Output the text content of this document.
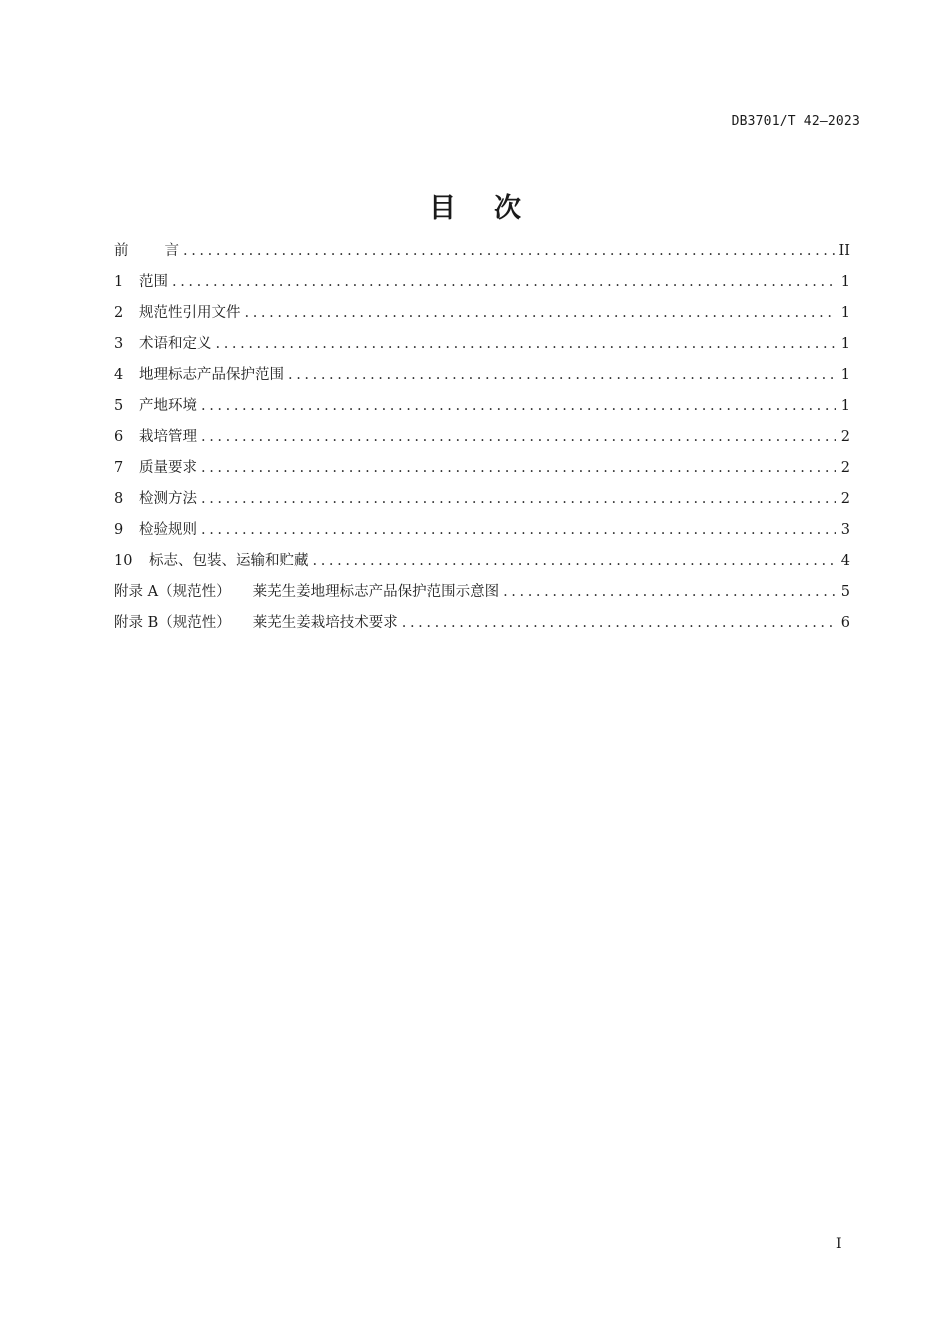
DB3701/T 42—2023
目 次
前 言 .....	II
1	范围 .....	1
2	规范性引用文件 .....	1
3	术语和定义 .....	1
4	地理标志产品保护范围 .....	1
5	产地环境 .....	1
6	栽培管理 .....	2
7	质量要求 .....	2
8	检测方法 .....	2
9	检验规则 .....	3
10	标志、包装、运输和贮藏 .....	4
附录 A（规范性） 莱芜生姜地理标志产品保护范围示意图 .....	5
附录 B（规范性） 莱芜生姜栽培技术要求 .....	6
I
